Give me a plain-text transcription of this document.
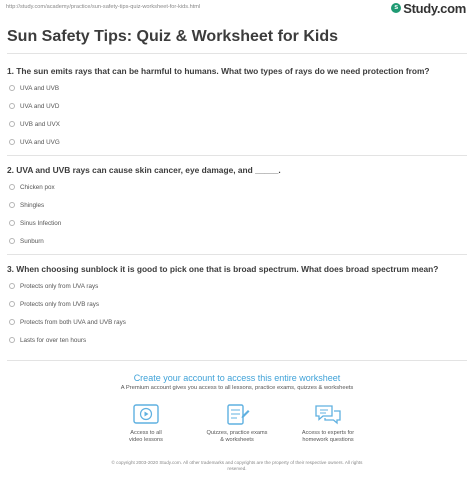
http://study.com/academy/practice/sun-safety-tips-quiz-worksheet-for-kids.html	s Study.com
Sun Safety Tips: Quiz & Worksheet for Kids
1. The sun emits rays that can be harmful to humans. What two types of rays do we need protection from?
UVA and UVB
UVA and UVD
UVB and UVX
UVA and UVG
2. UVA and UVB rays can cause skin cancer, eye damage, and _____.
Chicken pox
Shingles
Sinus Infection
Sunburn
3. When choosing sunblock it is good to pick one that is broad spectrum. What does broad spectrum mean?
Protects only from UVA rays
Protects only from UVB rays
Protects from both UVA and UVB rays
Lasts for over ten hours
Create your account to access this entire worksheet
A Premium account gives you access to all lessons, practice exams, quizzes & worksheets
Access to all
video lessons
Quizzes, practice exams
& worksheets
Access to experts for
homework questions
© copyright 2003-2020 Study.com. All other trademarks and copyrights are the property of their respective owners. All rights
reserved.
